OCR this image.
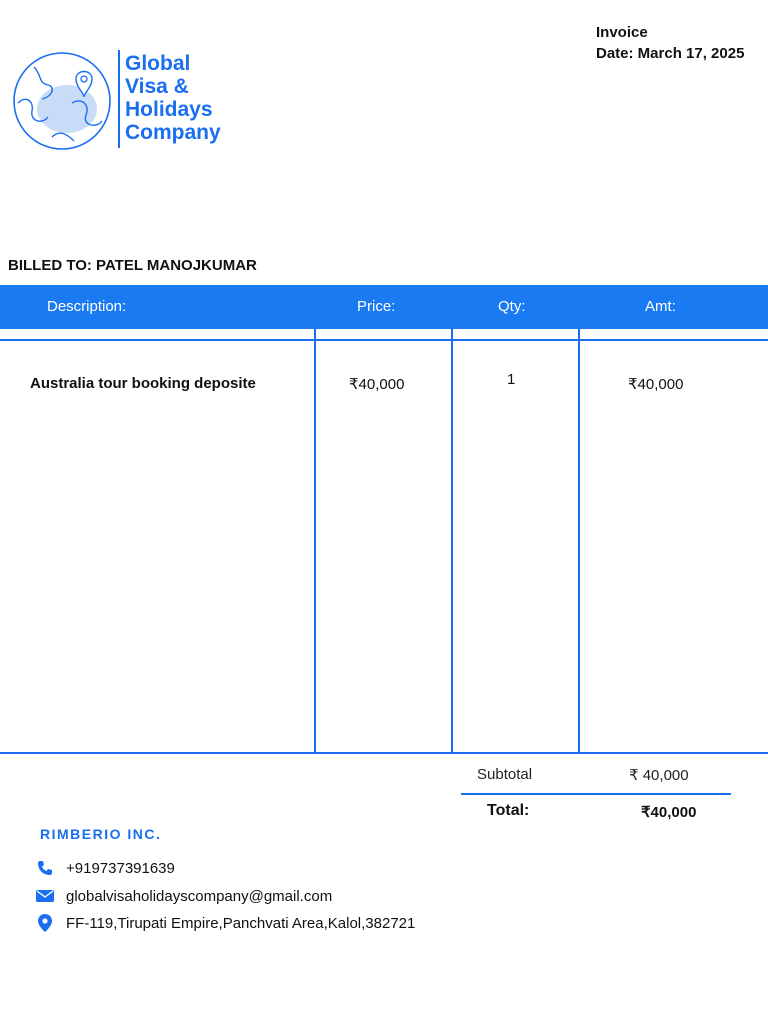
Global
Visa &
Holidays
Company
Invoice
Date: March 17, 2025
BILLED TO: PATEL MANOJKUMAR
Description:	Price:	Qty:	Amt:
Australia tour booking deposite	₹40,000	1	₹40,000
Subtotal	₹ 40,000
Total:	₹40,000
RIMBERIO INC.
+919737391639
globalvisaholidayscompany@gmail.com
FF-119,Tirupati Empire,Panchvati Area,Kalol,382721
